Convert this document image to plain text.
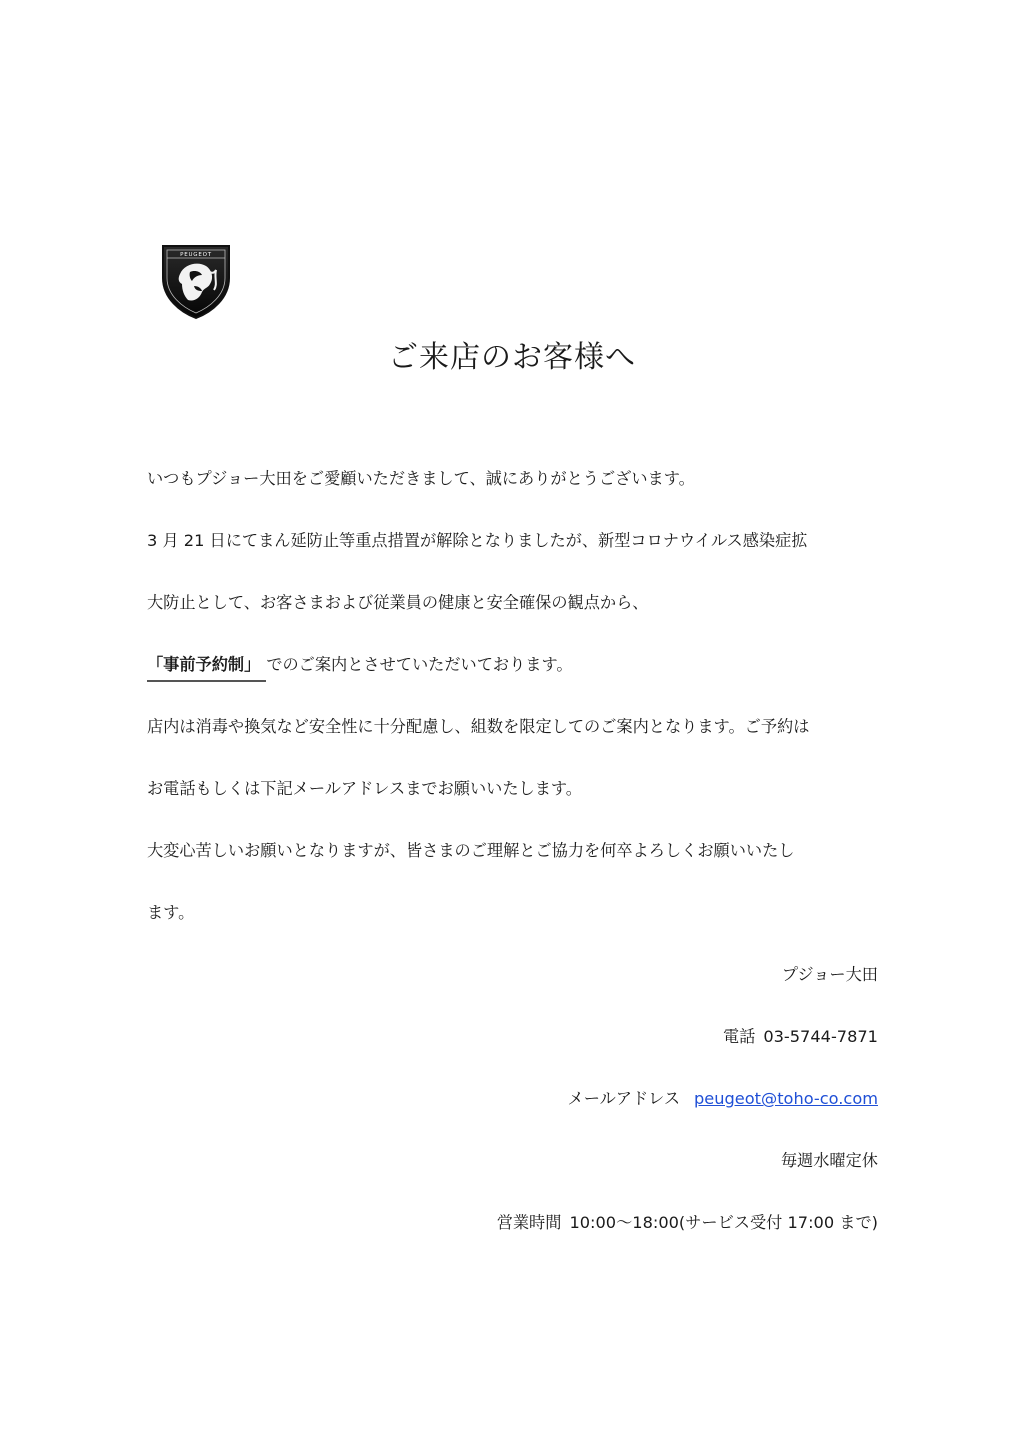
PEUGEOT
ご来店のお客様へ
いつもプジョー大田をご愛顧いただきまして、誠にありがとうございます。
3 月 21 日にてまん延防止等重点措置が解除となりましたが、新型コロナウイルス感染症拡
大防止として、お客さまおよび従業員の健康と安全確保の観点から、
「事前予約制」 でのご案内とさせていただいております。
店内は消毒や換気など安全性に十分配慮し、組数を限定してのご案内となります。ご予約は
お電話もしくは下記メールアドレスまでお願いいたします。
大変心苦しいお願いとなりますが、皆さまのご理解とご協力を何卒よろしくお願いいたし
ます。
プジョー大田
電話 03-5744-7871
メールアドレス peugeot@toho-co.com
毎週水曜定休
営業時間 10:00～18:00(サービス受付 17:00 まで)
